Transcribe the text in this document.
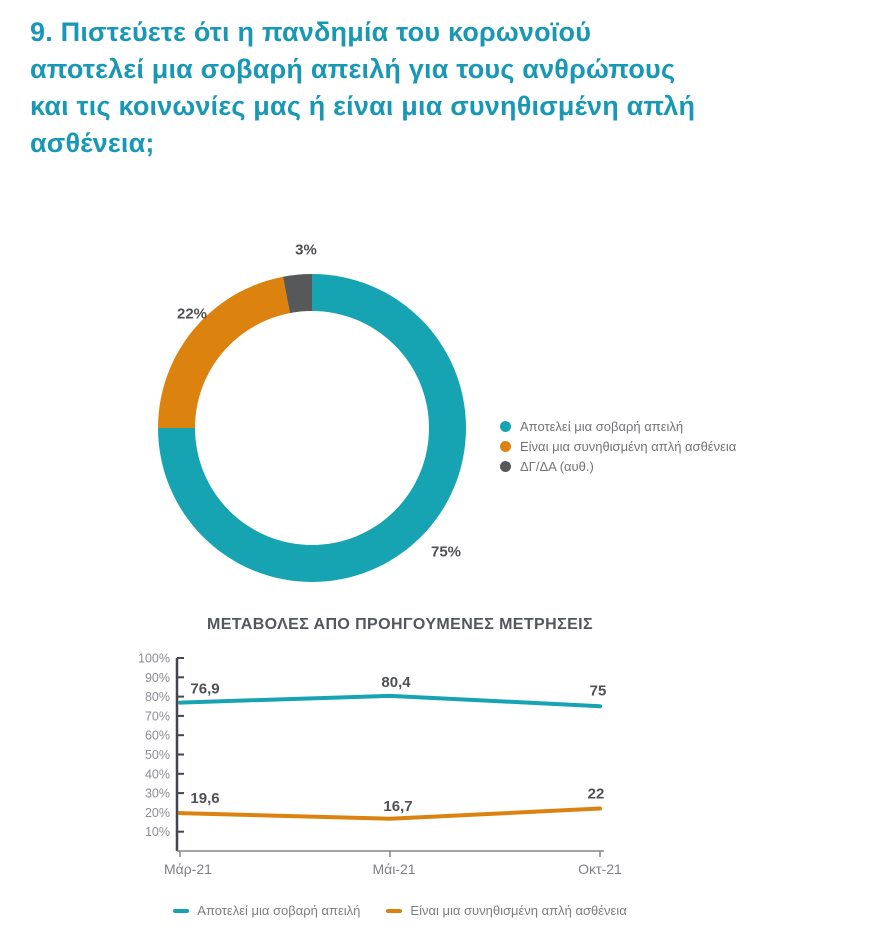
9. Πιστεύετε ότι η πανδημία του κορωνοϊού
αποτελεί μια σοβαρή απειλή για τους ανθρώπους
και τις κοινωνίες μας ή είναι μια συνηθισμένη απλή
ασθένεια;
75%
22%
3%
Αποτελεί μια σοβαρή απειλή
Είναι μια συνηθισμένη απλή ασθένεια
ΔΓ/ΔΑ (αυθ.)
ΜΕΤΑΒΟΛΕΣ ΑΠΟ ΠΡΟΗΓΟΥΜΕΝΕΣ ΜΕΤΡΗΣΕΙΣ
100%
90%
80%
70%
60%
50%
40%
30%
20%
10%
Μάρ-21	Μάι-21	Οκτ-21
76,9	80,4	75
19,6	16,7
22
Αποτελεί μια σοβαρή απειλή	Είναι μια συνηθισμένη απλή ασθένεια
